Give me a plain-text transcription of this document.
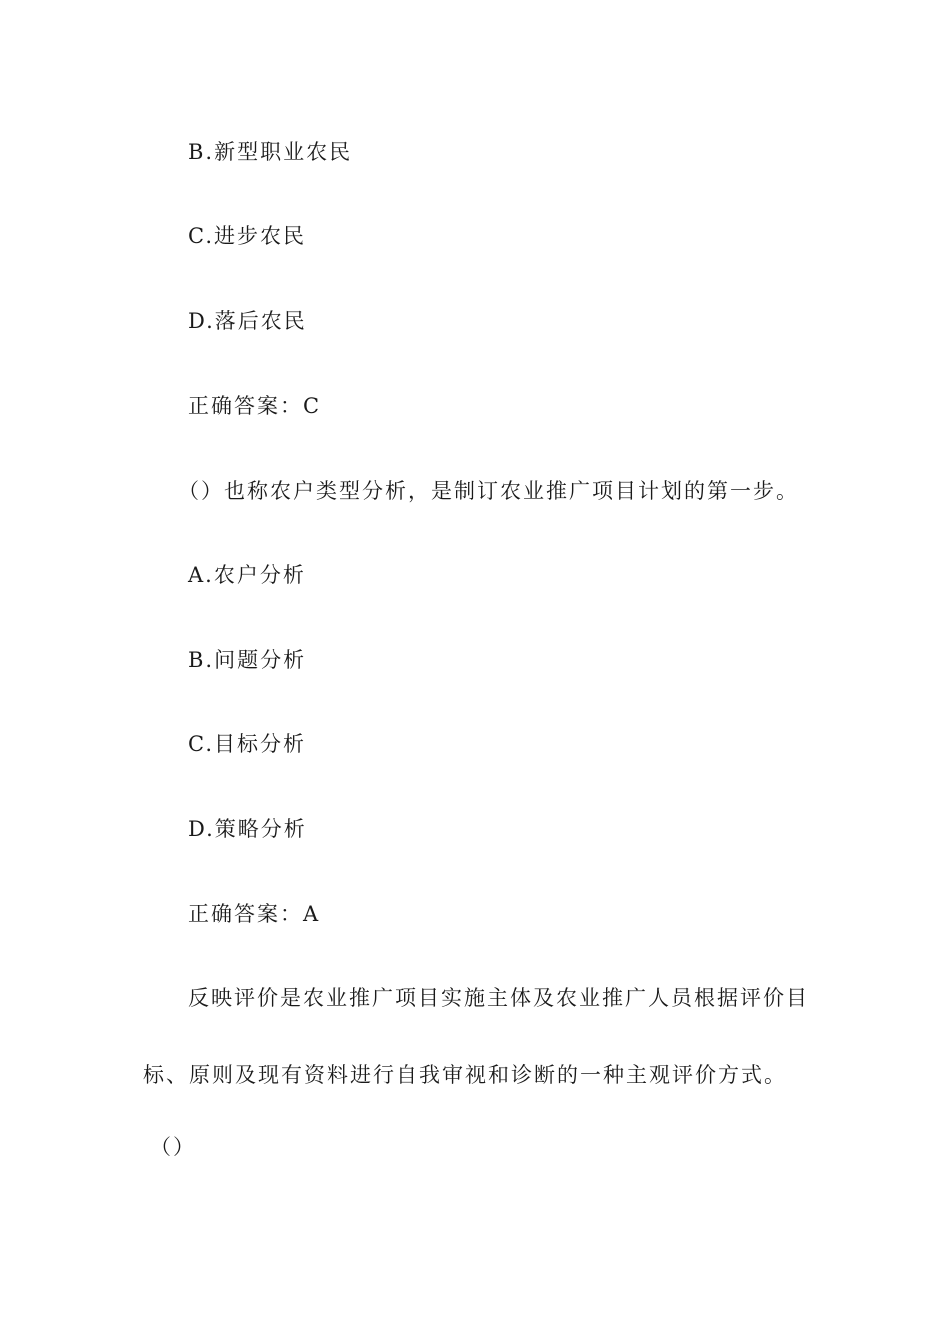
B.新型职业农民
C.进步农民
D.落后农民
正确答案：C
（）也称农户类型分析，是制订农业推广项目计划的第一步。
A.农户分析
B.问题分析
C.目标分析
D.策略分析
正确答案：A
反映评价是农业推广项目实施主体及农业推广人员根据评价目
标、原则及现有资料进行自我审视和诊断的一种主观评价方式。
（）
